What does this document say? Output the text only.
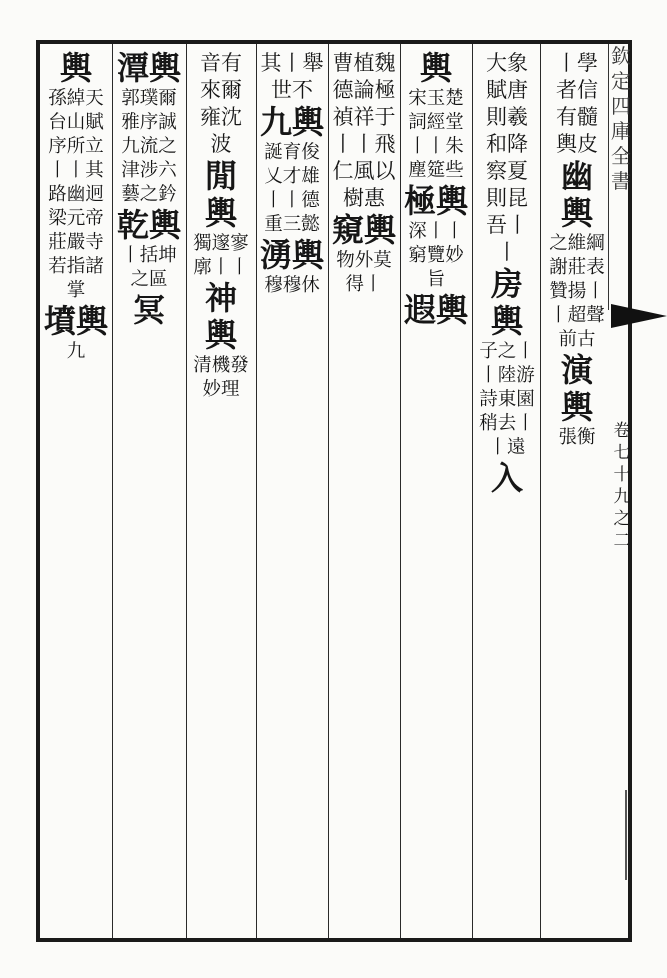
欽定四庫全書
卷七十九之二
丨學者信
有髓輿皮
幽輿
之維綱謝莊表贊揚丨丨超聲前古
演輿
張衡
大象賦唐則羲和降
察夏則昆吾丨丨
房輿
子之丨丨陸游詩東園稍去丨丨遠
入
輿
宋玉楚詞經堂丨丨朱塵筵些
極輿
深丨丨窮覽妙旨
遐輿
曹植魏德論極禎祥于丨丨飛仁風以樹惠
窺輿
物外莫得丨
其丨舉世不
九輿
誕育俊乂才雄丨丨德重三懿
湧輿
穆穆休
音有來爾雍沈波
閒輿
獨邃寥廓丨丨
神輿
清機發妙理
潭輿
郭璞爾雅序誠九流之津涉六藝之鈐
乾輿
丨括坤之區
冥
輿
孫綽天台山賦序所立丨丨其路幽迥梁元帝莊嚴寺若指諸掌
墳輿
九
